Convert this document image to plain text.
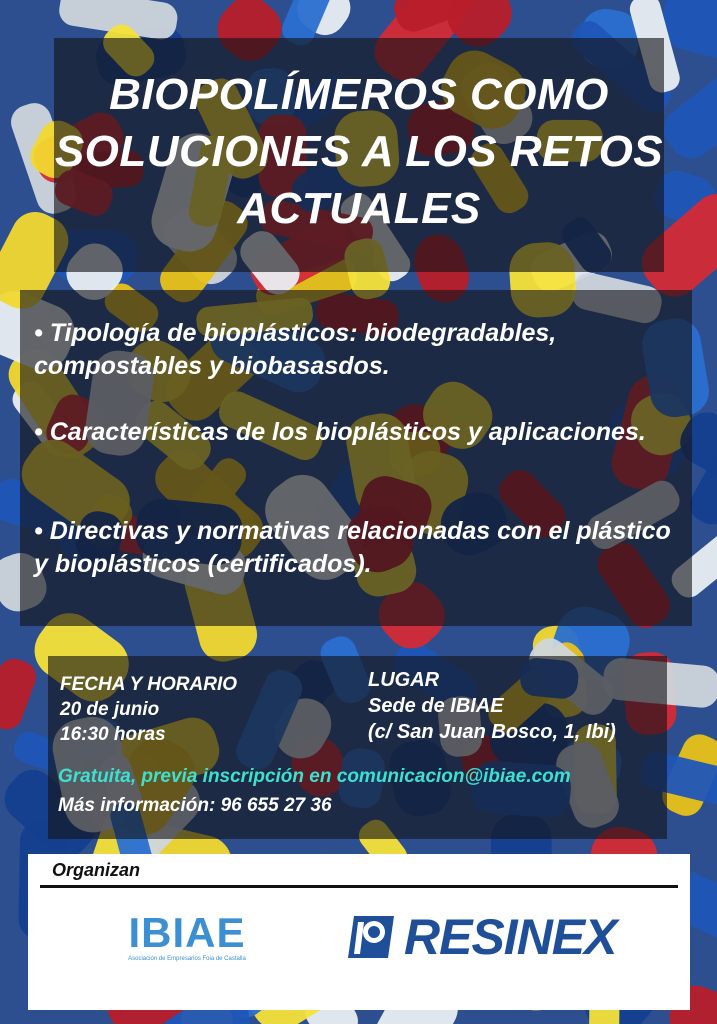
BIOPOLÍMEROS COMO SOLUCIONES A LOS RETOS ACTUALES
• Tipología de bioplásticos: biodegradables, compostables y biobasasdos.
• Características de los bioplásticos y aplicaciones.
• Directivas y normativas relacionadas con el plástico y bioplásticos (certificados).
FECHA Y HORARIO
20 de junio
16:30 horas
LUGAR
Sede de IBIAE
(c/ San Juan Bosco, 1, Ibi)
Gratuita, previa inscripción en comunicacion@ibiae.com
Más información: 96 655 27 36
Organizan
IBIAE
Asociación de Empresarios Foia de Castalla	RESINEX
